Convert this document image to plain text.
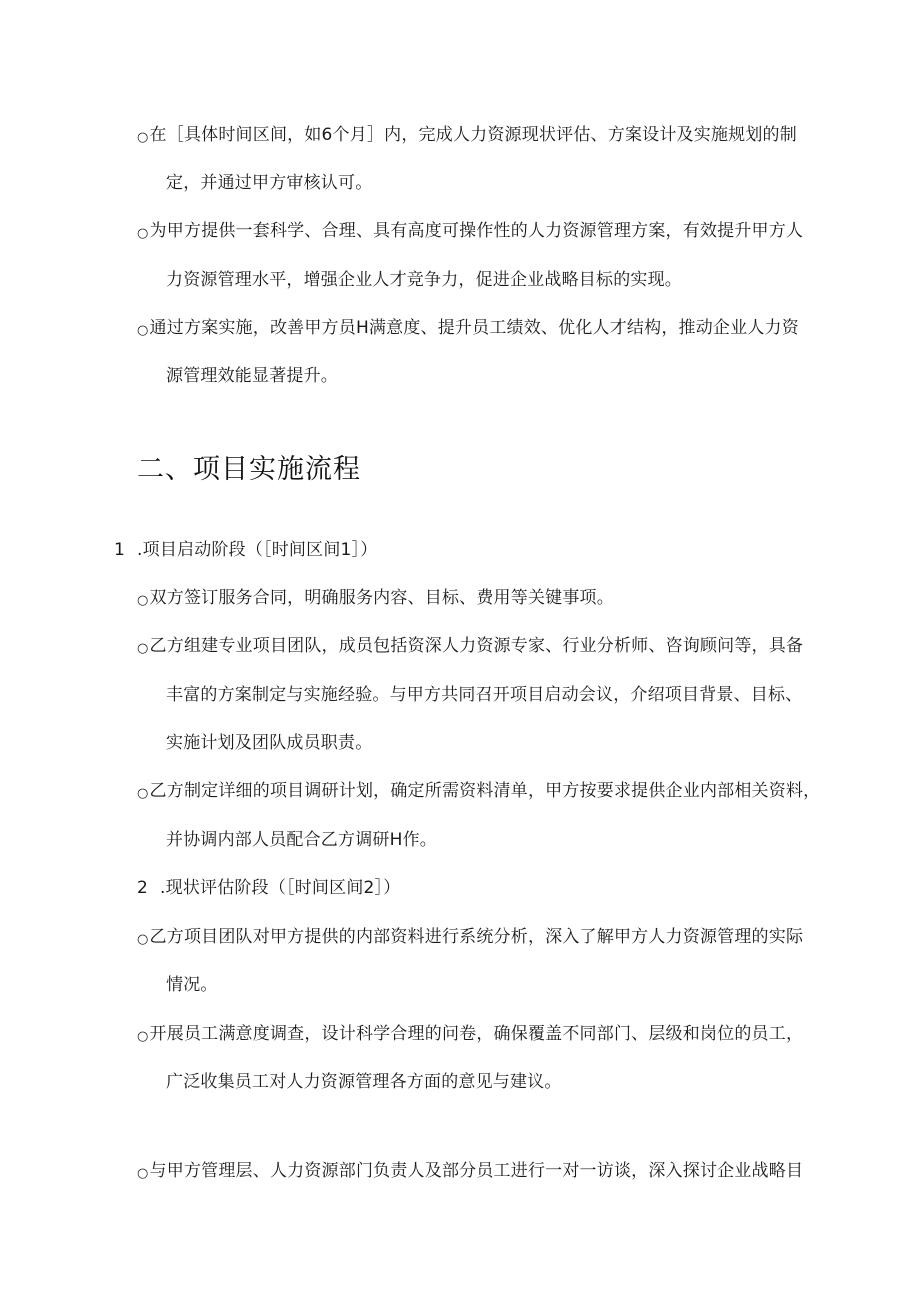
○在［具体时间区间，如6个月］内，完成人力资源现状评估、方案设计及实施规划的制
定，并通过甲方审核认可。
○为甲方提供一套科学、合理、具有高度可操作性的人力资源管理方案，有效提升甲方人
力资源管理水平，增强企业人才竞争力，促进企业战略目标的实现。
○通过方案实施，改善甲方员H满意度、提升员工绩效、优化人才结构，推动企业人力资
源管理效能显著提升。
二、项目实施流程
1 .项目启动阶段（［时间区间1］）
○双方签订服务合同，明确服务内容、目标、费用等关键事项。
○乙方组建专业项目团队，成员包括资深人力资源专家、行业分析师、咨询顾问等，具备
丰富的方案制定与实施经验。与甲方共同召开项目启动会议，介绍项目背景、目标、
实施计划及团队成员职责。
○乙方制定详细的项目调研计划，确定所需资料清单，甲方按要求提供企业内部相关资料，
并协调内部人员配合乙方调研H作。
2 .现状评估阶段（［时间区间2］）
○乙方项目团队对甲方提供的内部资料进行系统分析，深入了解甲方人力资源管理的实际
情况。
○开展员工满意度调查，设计科学合理的问卷，确保覆盖不同部门、层级和岗位的员工，
广泛收集员工对人力资源管理各方面的意见与建议。
○与甲方管理层、人力资源部门负责人及部分员工进行一对一访谈，深入探讨企业战略目
